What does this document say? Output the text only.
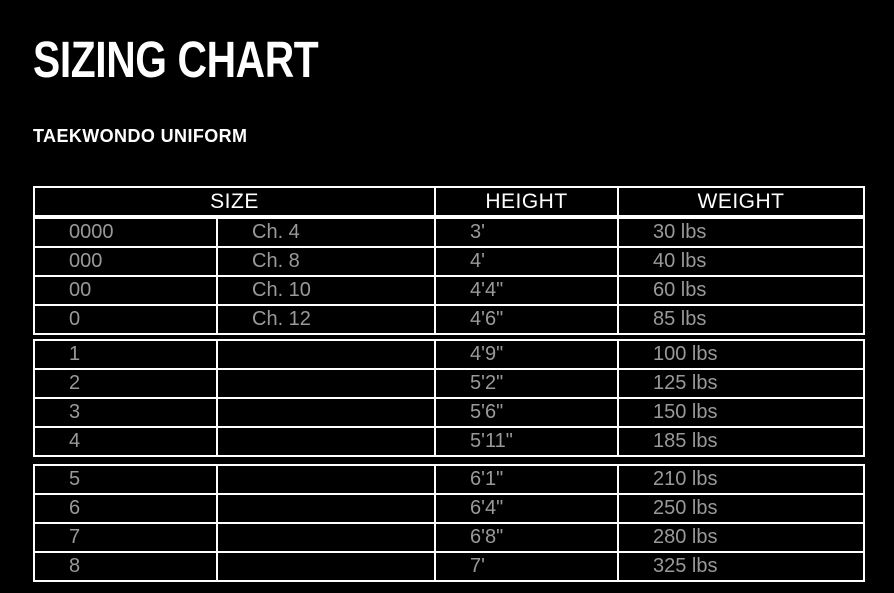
SIZING CHART
TAEKWONDO UNIFORM
SIZE	HEIGHT	WEIGHT
0000	Ch. 4	3'	30 lbs
000	Ch. 8	4'	40 lbs
00	Ch. 10	4'4"	60 lbs
0	Ch. 12	4'6"	85 lbs
1		4'9"	100 lbs
2		5'2"	125 lbs
3		5'6"	150 lbs
4		5'11"	185 lbs
5		6'1"	210 lbs
6		6'4"	250 lbs
7		6'8"	280 lbs
8		7'	325 lbs
